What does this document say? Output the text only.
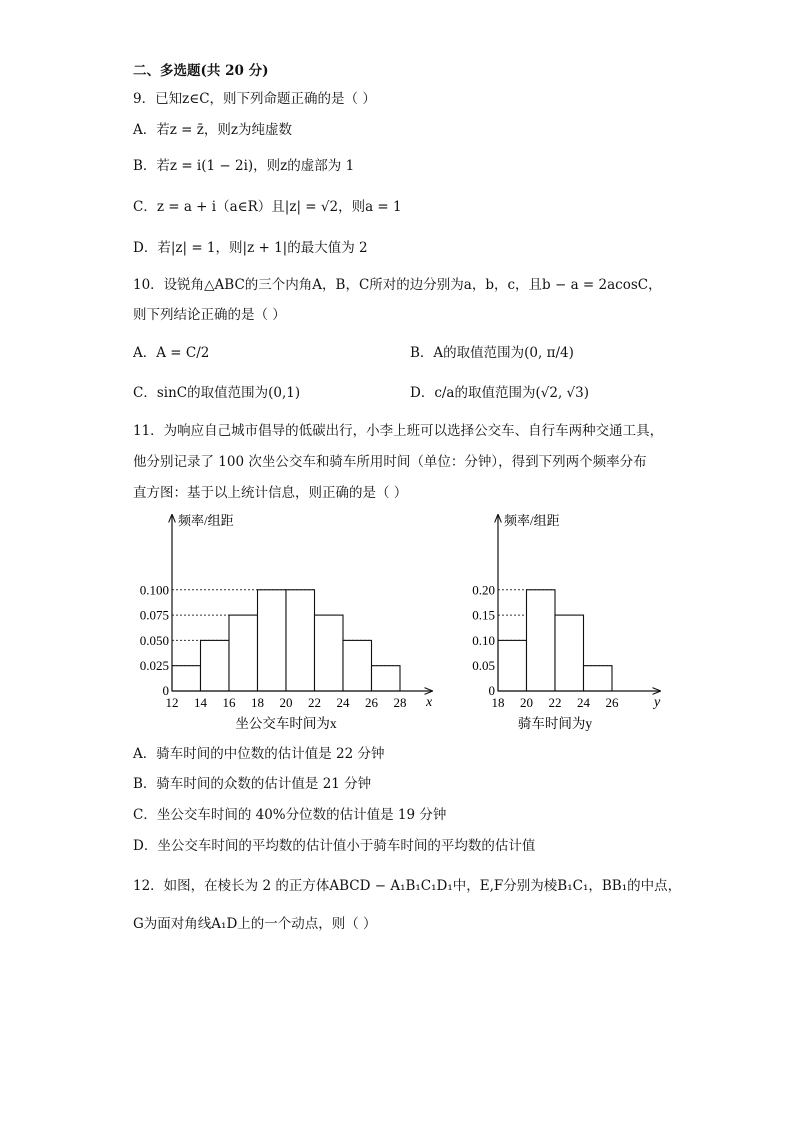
二、多选题(共 20 分)
9．已知z∈C，则下列命题正确的是（ ）
A．若z = z̄，则z为纯虚数
B．若z = i(1 − 2i)，则z的虚部为 1
C．z = a + i（a∈R）且|z| = √2，则a = 1
D．若|z| = 1，则|z + 1|的最大值为 2
10．设锐角△ABC的三个内角A，B，C所对的边分别为a，b，c，且b − a = 2acosC，
则下列结论正确的是（ ）
A．A = C/2	B．A的取值范围为(0, π/4)
C．sinC的取值范围为(0,1)	D．c/a的取值范围为(√2, √3)
11．为响应自己城市倡导的低碳出行，小李上班可以选择公交车、自行车两种交通工具，
他分别记录了 100 次坐公交车和骑车所用时间（单位：分钟），得到下列两个频率分布
直方图：基于以上统计信息，则正确的是（ ）
频率/组距
0.025
0.050
0.075
0.100
0
12 14 16 18 20 22 24 26 28 x
坐公交车时间为x
频率/组距
0.05
0.10
0.15
0.20
0
18 20 22 24 26	y
骑车时间为y
A．骑车时间的中位数的估计值是 22 分钟
B．骑车时间的众数的估计值是 21 分钟
C．坐公交车时间的 40%分位数的估计值是 19 分钟
D．坐公交车时间的平均数的估计值小于骑车时间的平均数的估计值
12．如图，在棱长为 2 的正方体ABCD − A₁B₁C₁D₁中，E,F分别为棱B₁C₁，BB₁的中点，
G为面对角线A₁D上的一个动点，则（ ）
